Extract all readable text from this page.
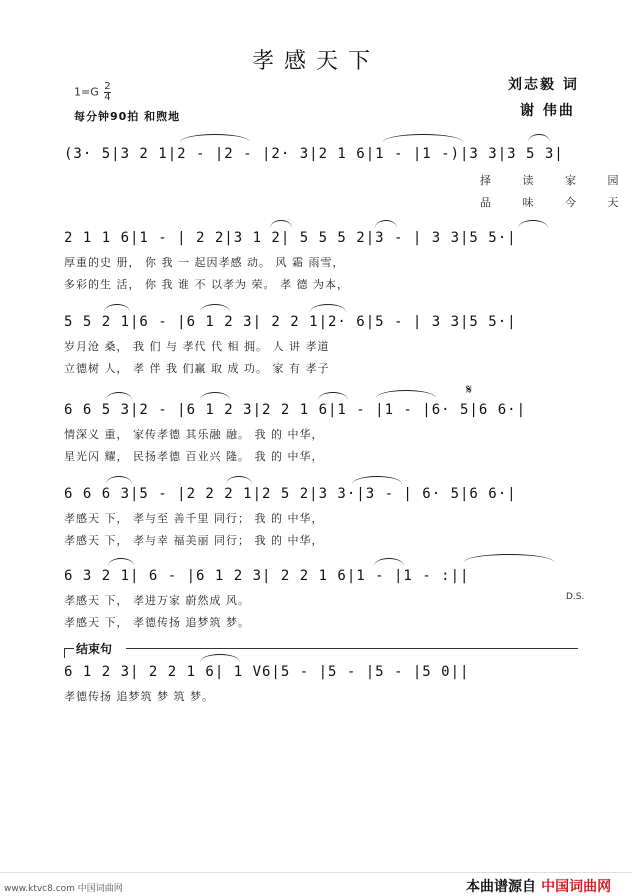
孝感天下
刘志毅 词
谢 伟曲
$1=G \frac{2}{4}$
每分钟90拍 和煦地
(3· 5|3 2 1|2 - |2 - |2· 3|2 1 6|1 - |1 -)|3 3|3 5 3|
择 读 家 园
品 味 今 天
2 1 1 6|1 - | 2 2|3 1 2| 5 5 5 2|3 - | 3 3|5 5·|
厚重的史 册， 你 我 一 起因孝感 动。 风 霜 雨雪，
多彩的生 活， 你 我 谁 不 以孝为 荣。 孝 德 为本，
5 5 2 1|6 - |6 1 2 3| 2 2 1|2· 6|5 - | 3 3|5 5·|
岁月沧 桑， 我 们 与 孝代 代 相 拥。 人 讲 孝道
立德树 人， 孝 伴 我 们赢 取 成 功。 家 有 孝子
𝄋
6 6 5 3|2 - |6 1 2 3|2 2 1 6|1 - |1 - |6· 5|6 6·|
情深义 重， 家传孝德 其乐融 融。 我 的 中华，
星光闪 耀， 民扬孝德 百业兴 隆。 我 的 中华，
6 6 6 3|5 - |2 2 2 1|2 5 2|3 3·|3 - | 6· 5|6 6·|
孝感天 下， 孝与至 善千里 同行； 我 的 中华，
孝感天 下， 孝与幸 福美丽 同行； 我 的 中华，
6 3 2 1| 6 - |6 1 2 3| 2 2 1 6|1 - |1 - :||
孝感天 下， 孝进万家 蔚然成 风。
孝感天 下， 孝德传扬 追梦筑 梦。
D.S.
结束句
6 1 2 3| 2 2 1 6| 1 V6|5 - |5 - |5 - |5 0||
孝德传扬 追梦筑 梦 筑 梦。
www.ktvc8.com 中国词曲网	本曲谱源自 中国词曲网
